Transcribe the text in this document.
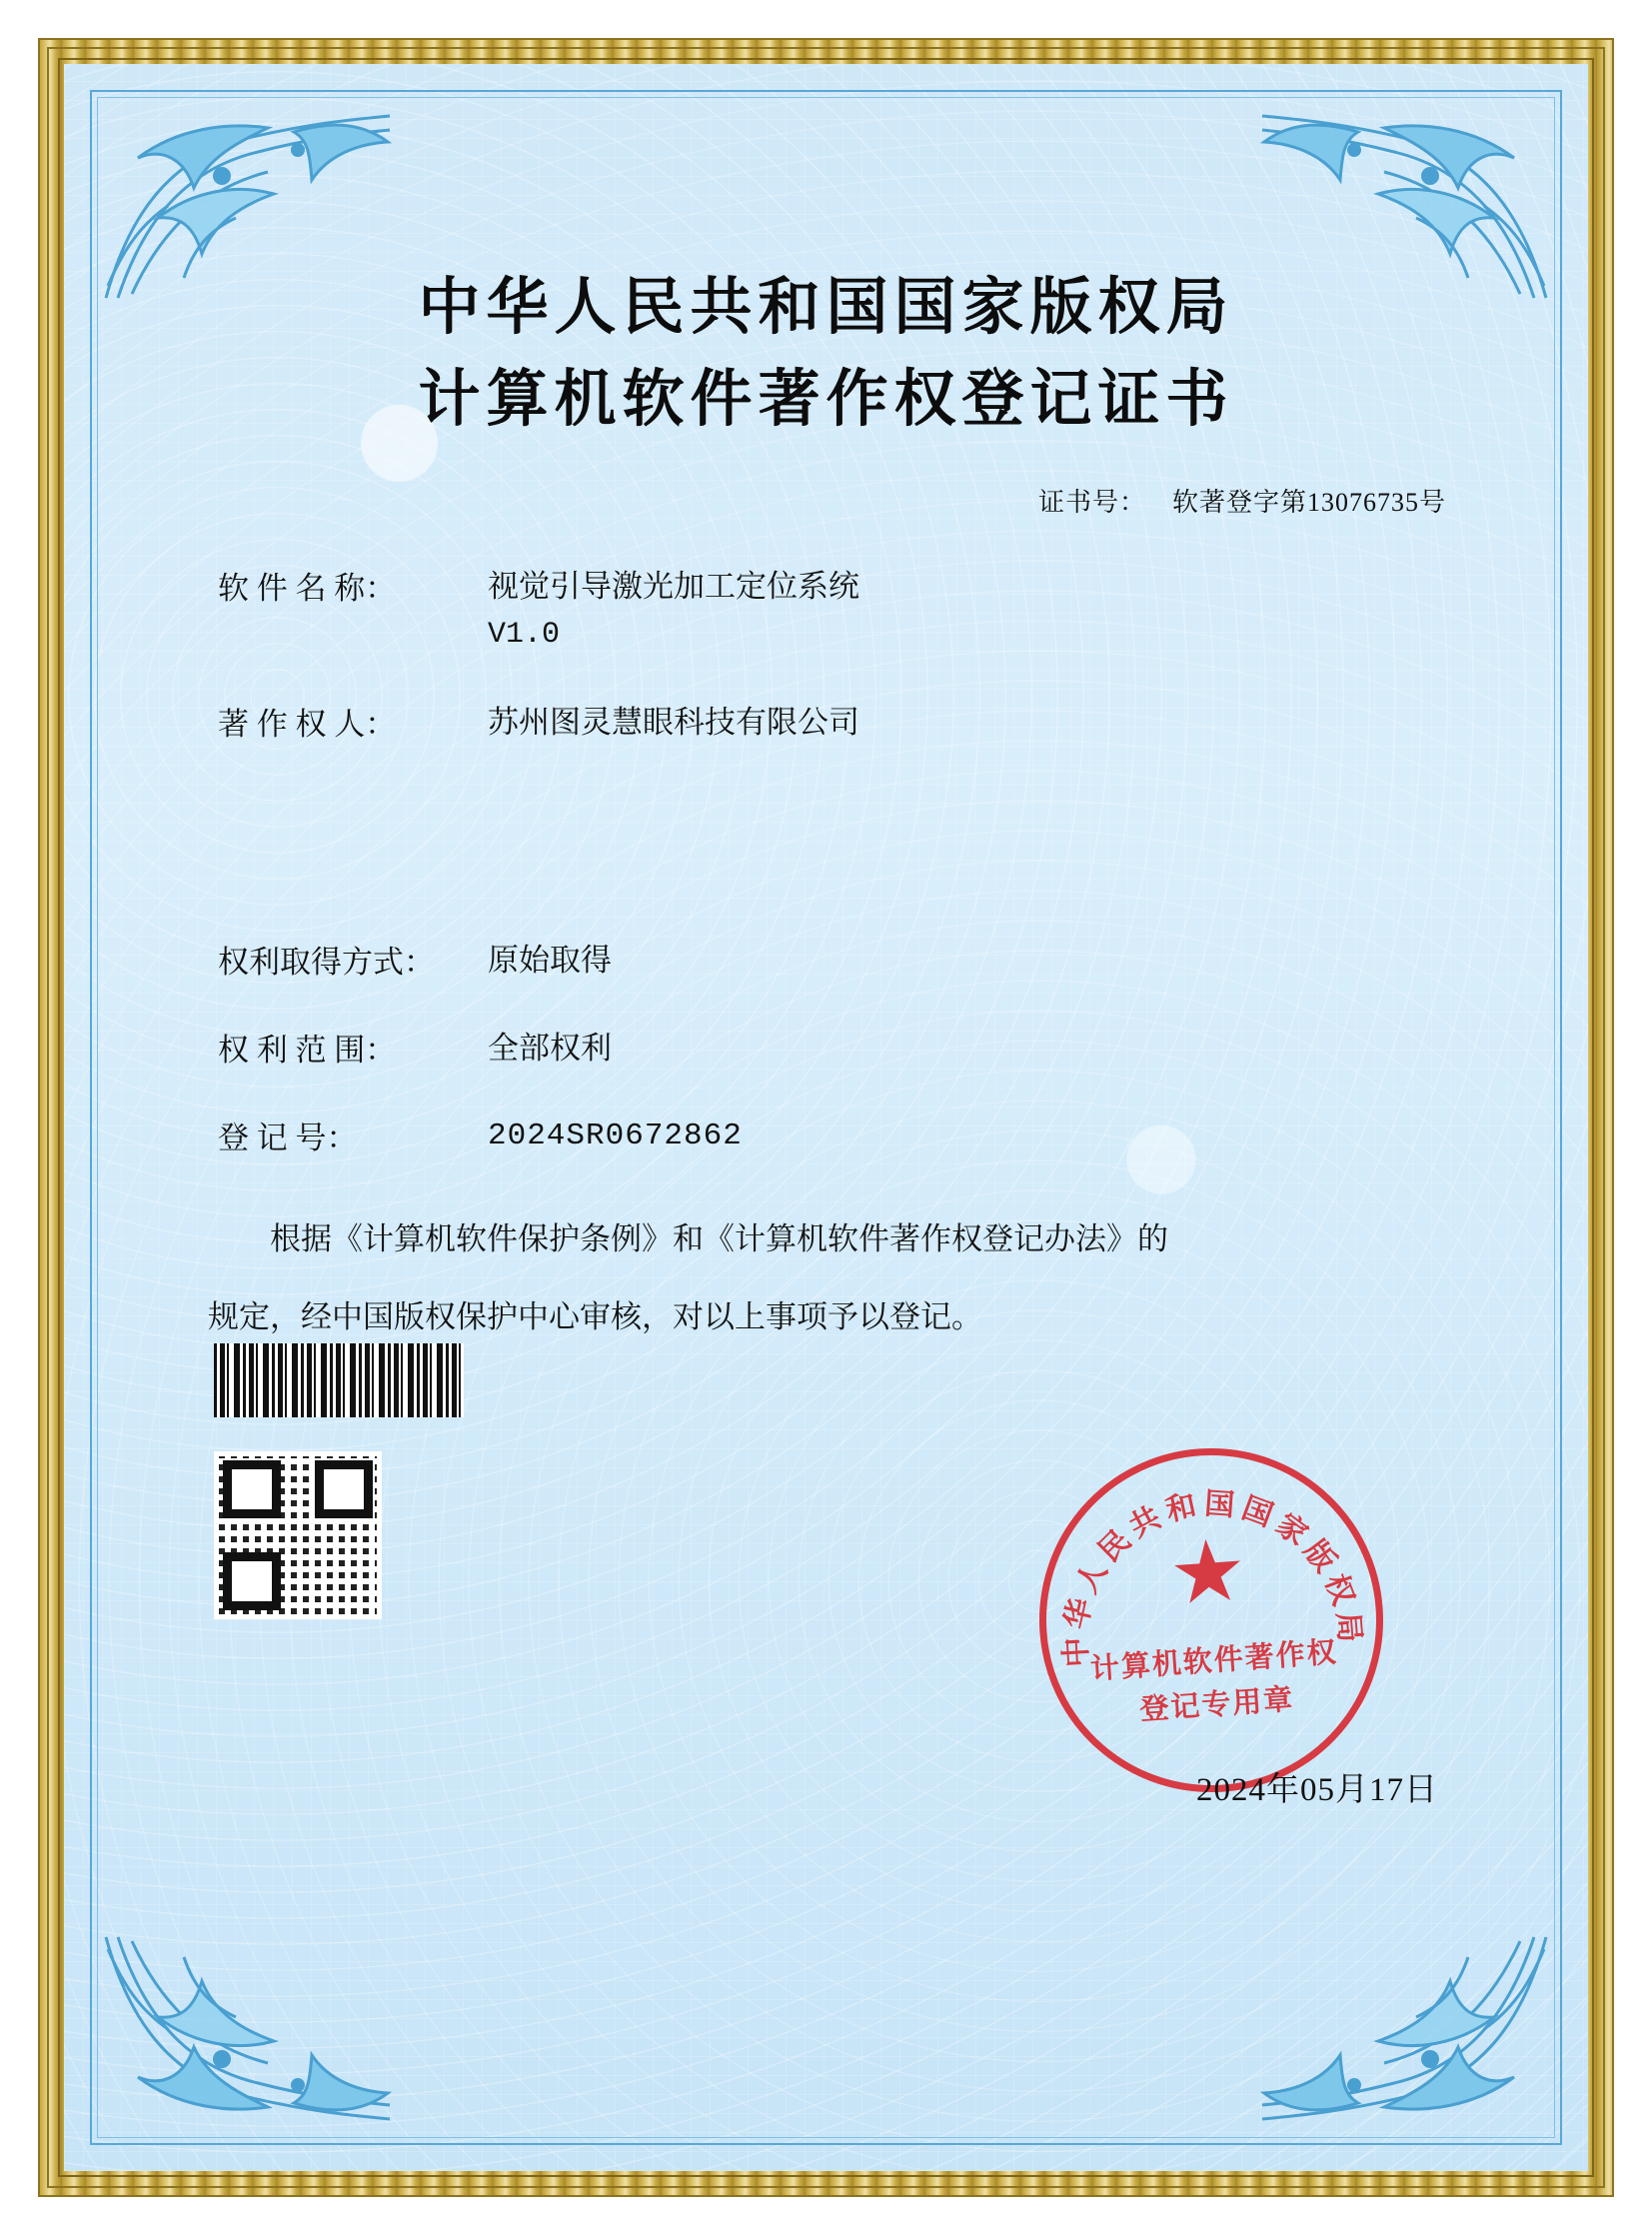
中华人民共和国国家版权局
计算机软件著作权登记证书
证书号： 软著登字第13076735号
软 件 名 称：	视觉引导激光加工定位系统
V1.0
著 作 权 人：	苏州图灵慧眼科技有限公司
权利取得方式：	原始取得
权 利 范 围：	全部权利
登 记 号：	2024SR0672862
根据《计算机软件保护条例》和《计算机软件著作权登记办法》的
规定，经中国版权保护中心审核，对以上事项予以登记。
中华人民共和国国家版权局
★
计算机软件著作权
登记专用章
2024年05月17日
